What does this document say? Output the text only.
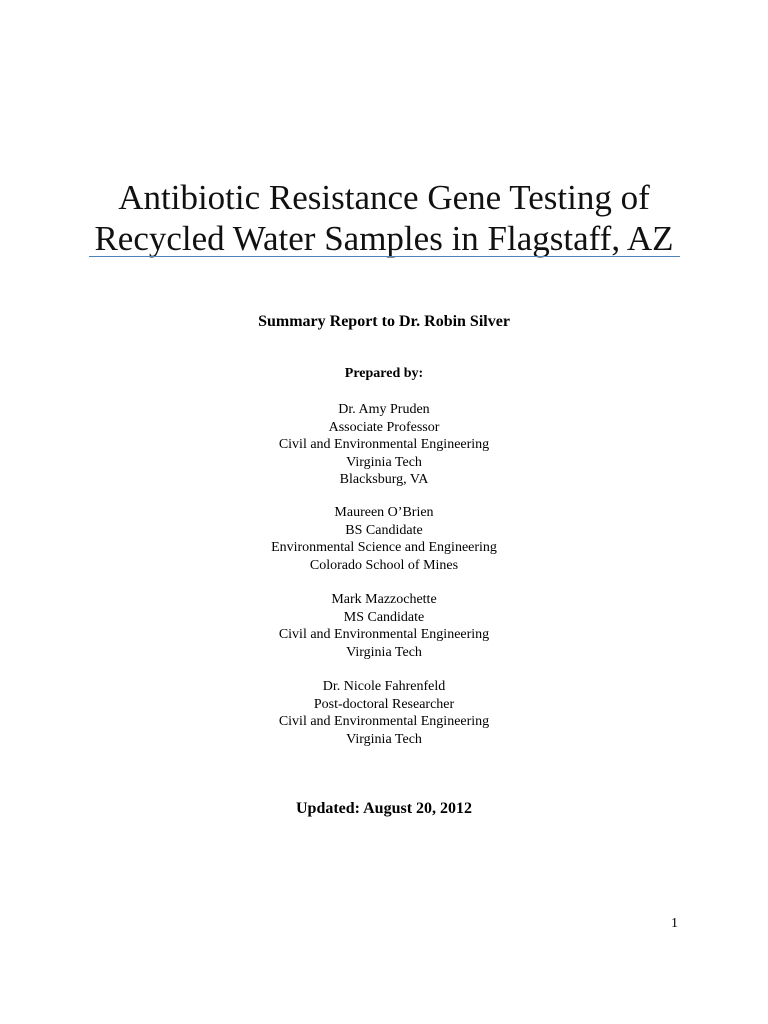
Antibiotic Resistance Gene Testing of
Recycled Water Samples in Flagstaff, AZ
Summary Report to Dr. Robin Silver
Prepared by:
Dr. Amy Pruden
Associate Professor
Civil and Environmental Engineering
Virginia Tech
Blacksburg, VA
Maureen O’Brien
BS Candidate
Environmental Science and Engineering
Colorado School of Mines
Mark Mazzochette
MS Candidate
Civil and Environmental Engineering
Virginia Tech
Dr. Nicole Fahrenfeld
Post-doctoral Researcher
Civil and Environmental Engineering
Virginia Tech
Updated: August 20, 2012
1
